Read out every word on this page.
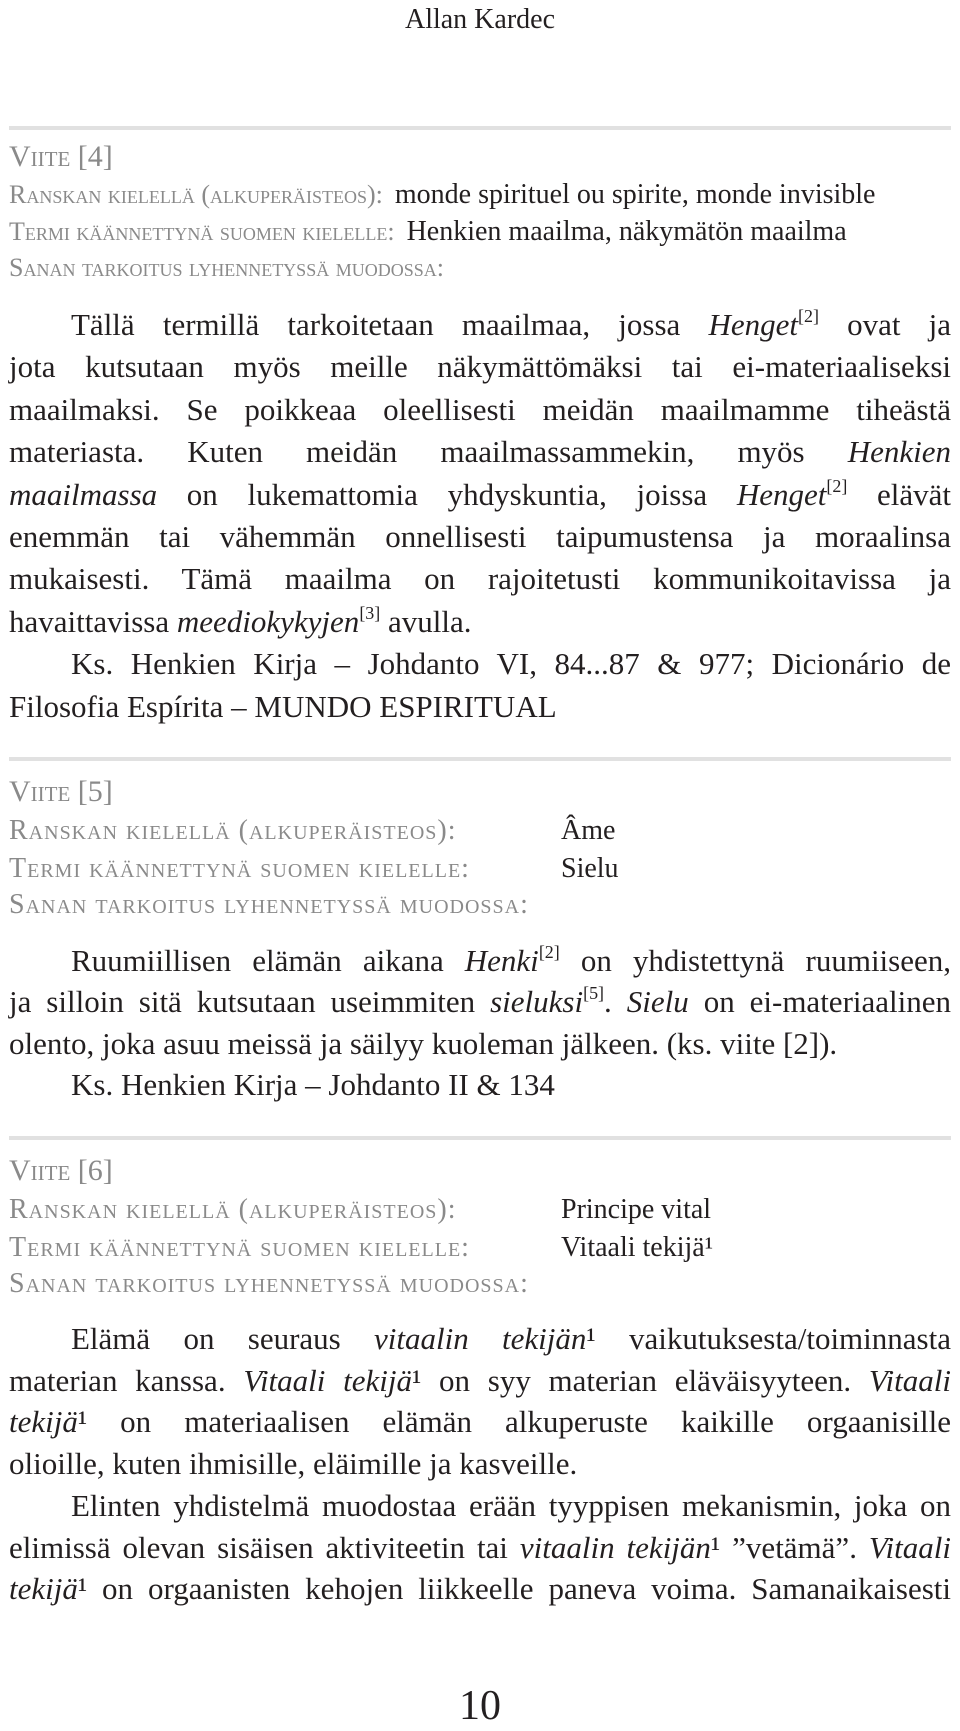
Allan Kardec
Viite [4]
Ranskan kielellä (alkuperäisteos): monde spirituel ou spirite, monde invisible
Termi käännettynä suomen kielelle: Henkien maailma, näkymätön maailma
Sanan tarkoitus lyhennetyssä muodossa:
Tällä termillä tarkoitetaan maailmaa, jossa Henget[2] ovat ja
jota kutsutaan myös meille näkymättömäksi tai ei-materiaaliseksi
maailmaksi. Se poikkeaa oleellisesti meidän maailmamme tiheästä
materiasta. Kuten meidän maailmassammekin, myös Henkien
maailmassa on lukemattomia yhdyskuntia, joissa Henget[2] elävät
enemmän tai vähemmän onnellisesti taipumustensa ja moraalinsa
mukaisesti. Tämä maailma on rajoitetusti kommunikoitavissa ja
havaittavissa meediokykyjen[3] avulla.
Ks. Henkien Kirja – Johdanto VI, 84...87 & 977; Dicionário de
Filosofia Espírita – MUNDO ESPIRITUAL
Viite [5]
Ranskan kielellä (alkuperäisteos):	Âme
Termi käännettynä suomen kielelle:	Sielu
Sanan tarkoitus lyhennetyssä muodossa:
Ruumiillisen elämän aikana Henki[2] on yhdistettynä ruumiiseen,
ja silloin sitä kutsutaan useimmiten sieluksi[5]. Sielu on ei-materiaalinen
olento, joka asuu meissä ja säilyy kuoleman jälkeen. (ks. viite [2]).
Ks. Henkien Kirja – Johdanto II & 134
Viite [6]
Ranskan kielellä (alkuperäisteos):	Principe vital
Termi käännettynä suomen kielelle:	Vitaali tekijä¹
Sanan tarkoitus lyhennetyssä muodossa:
Elämä on seuraus vitaalin tekijän¹ vaikutuksesta/toiminnasta
materian kanssa. Vitaali tekijä¹ on syy materian eläväisyyteen. Vitaali
tekijä¹ on materiaalisen elämän alkuperuste kaikille orgaanisille
olioille, kuten ihmisille, eläimille ja kasveille.
Elinten yhdistelmä muodostaa erään tyyppisen mekanismin, joka on
elimissä olevan sisäisen aktiviteetin tai vitaalin tekijän¹ ”vetämä”. Vitaali
tekijä¹ on orgaanisten kehojen liikkeelle paneva voima. Samanaikaisesti
10
